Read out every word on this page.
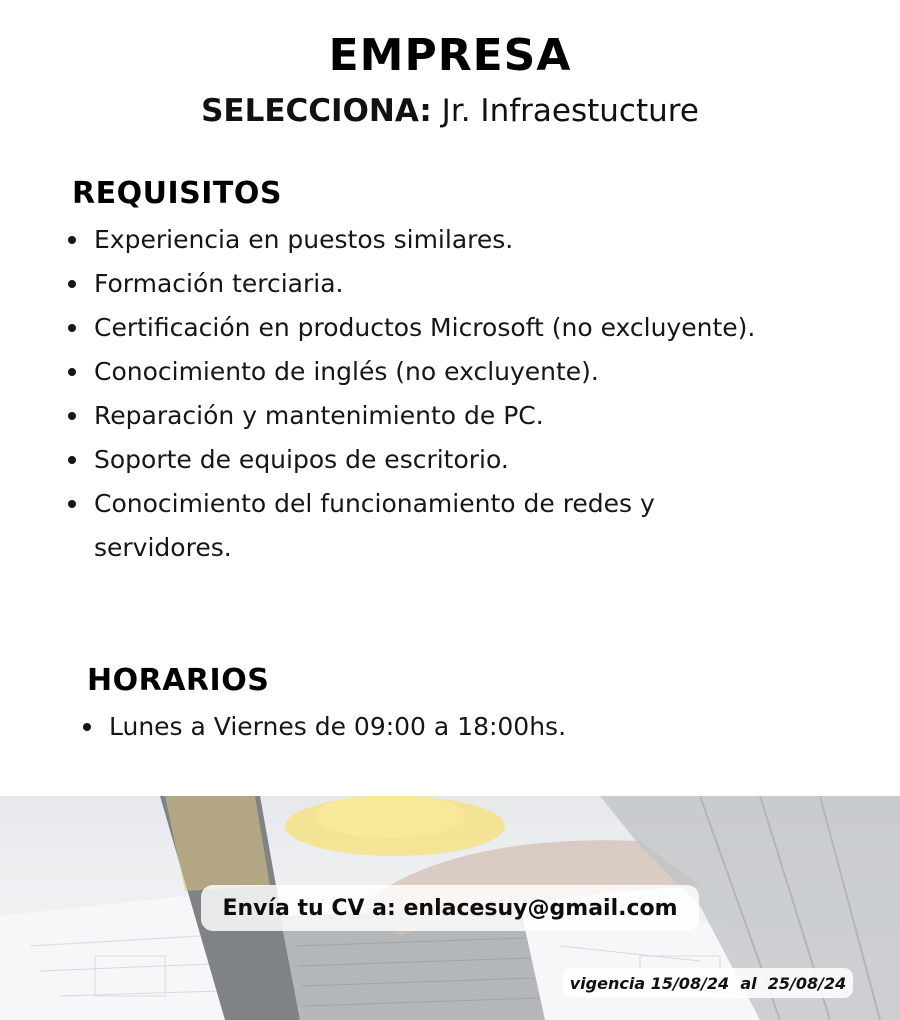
EMPRESA
SELECCIONA: Jr. Infraestucture
REQUISITOS
Experiencia en puestos similares.
Formación terciaria.
Certificación en productos Microsoft (no excluyente).
Conocimiento de inglés (no excluyente).
Reparación y mantenimiento de PC.
Soporte de equipos de escritorio.
Conocimiento del funcionamiento de redes y servidores.
HORARIOS
Lunes a Viernes de 09:00 a 18:00hs.
Envía tu CV a: enlacesuy@gmail.com
vigencia 15/08/24  al  25/08/24
